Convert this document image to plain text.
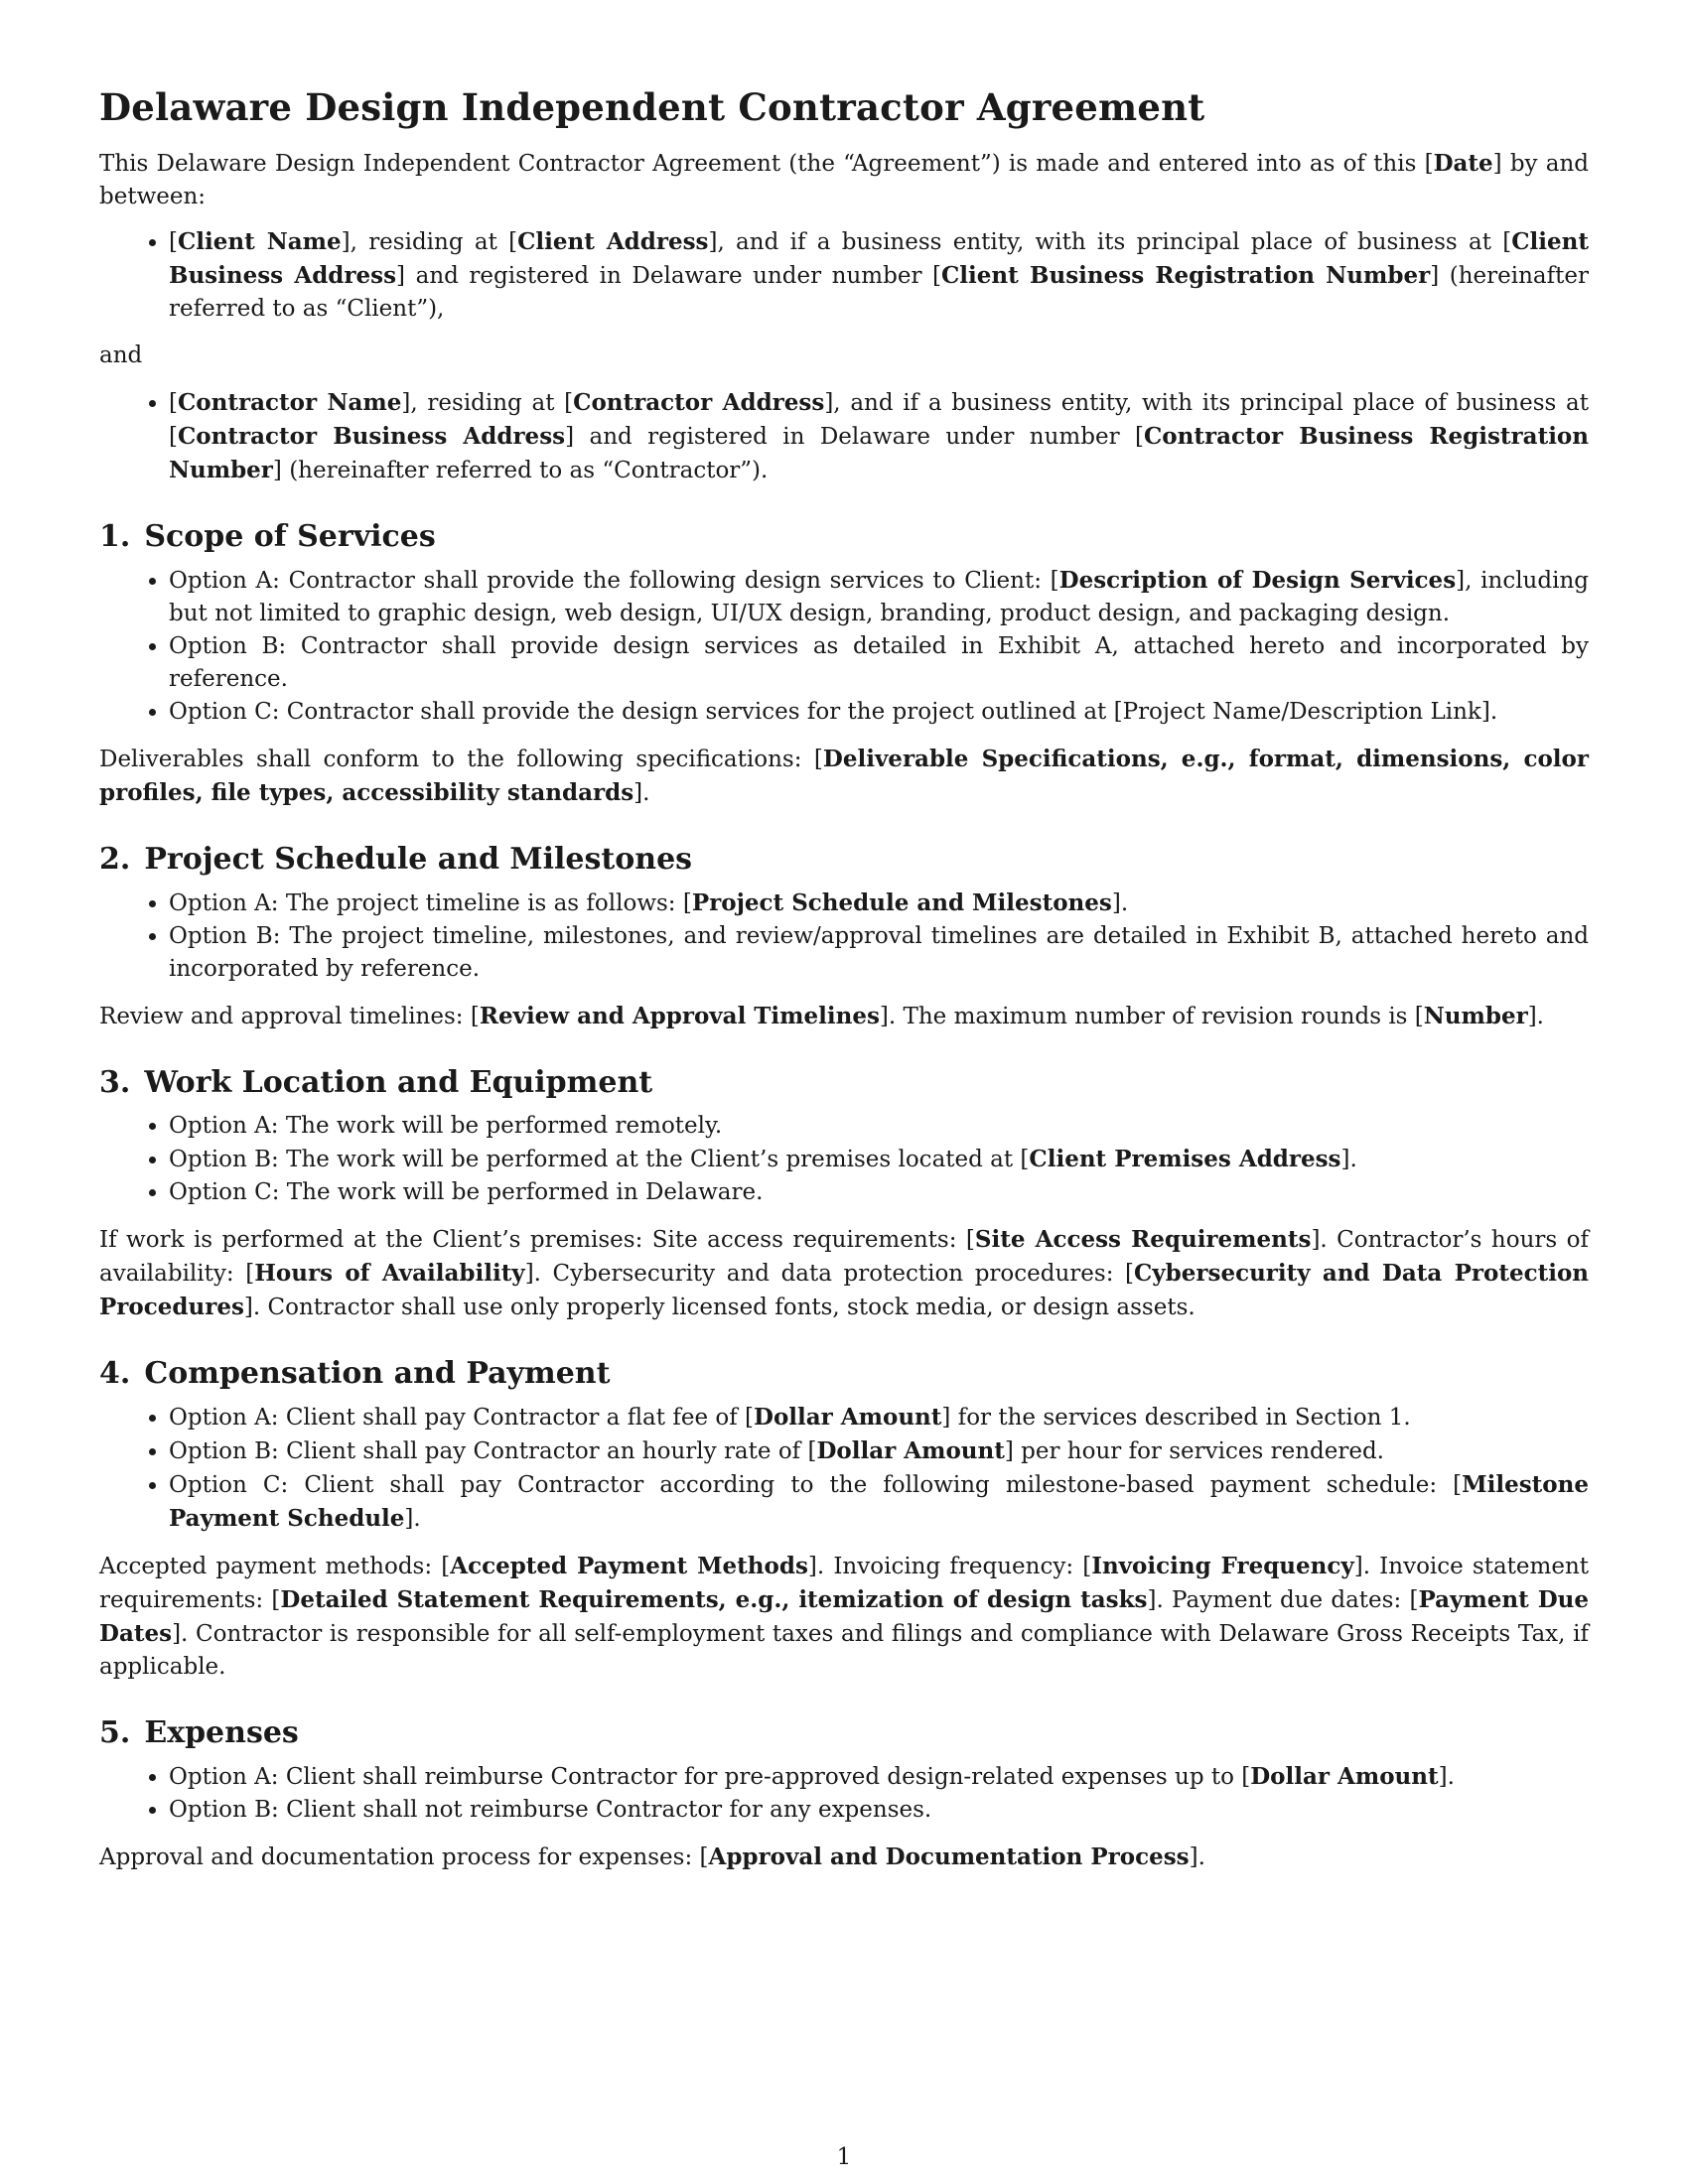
Delaware Design Independent Contractor Agreement

This Delaware Design Independent Contractor Agreement (the “Agreement”) is made and entered into as of this [Date] by and between:

• [Client Name], residing at [Client Address], and if a business entity, with its principal place of business at [Client Business Address] and registered in Delaware under number [Client Business Registration Number] (hereinafter referred to as “Client”),

and

• [Contractor Name], residing at [Contractor Address], and if a business entity, with its principal place of business at [Contractor Business Address] and registered in Delaware under number [Contractor Business Registration Number] (hereinafter referred to as “Contractor”).
1. Scope of Services
• Option A: Contractor shall provide the following design services to Client: [Description of Design Services], including but not limited to graphic design, web design, UI/UX design, branding, product design, and packaging design.
• Option B: Contractor shall provide design services as detailed in Exhibit A, attached hereto and incorporated by reference.
• Option C: Contractor shall provide the design services for the project outlined at [Project Name/Description Link].

Deliverables shall conform to the following specifications: [Deliverable Specifications, e.g., format, dimensions, color profiles, file types, accessibility standards].

2. Project Schedule and Milestones
• Option A: The project timeline is as follows: [Project Schedule and Milestones].
• Option B: The project timeline, milestones, and review/approval timelines are detailed in Exhibit B, attached hereto and incorporated by reference.

Review and approval timelines: [Review and Approval Timelines]. The maximum number of revision rounds is [Number].

3. Work Location and Equipment
• Option A: The work will be performed remotely.
• Option B: The work will be performed at the Client’s premises located at [Client Premises Address].
• Option C: The work will be performed in Delaware.

If work is performed at the Client’s premises: Site access requirements: [Site Access Requirements]. Contractor’s hours of availability: [Hours of Availability]. Cybersecurity and data protection procedures: [Cybersecurity and Data Protection Procedures]. Contractor shall use only properly licensed fonts, stock media, or design assets.

4. Compensation and Payment
• Option A: Client shall pay Contractor a flat fee of [Dollar Amount] for the services described in Section 1.
• Option B: Client shall pay Contractor an hourly rate of [Dollar Amount] per hour for services rendered.
• Option C: Client shall pay Contractor according to the following milestone-based payment schedule: [Milestone Payment Schedule].

Accepted payment methods: [Accepted Payment Methods]. Invoicing frequency: [Invoicing Frequency]. Invoice statement requirements: [Detailed Statement Requirements, e.g., itemization of design tasks]. Payment due dates: [Payment Due Dates]. Contractor is responsible for all self-employment taxes and filings and compliance with Delaware Gross Receipts Tax, if applicable.

5. Expenses
• Option A: Client shall reimburse Contractor for pre-approved design-related expenses up to [Dollar Amount].
• Option B: Client shall not reimburse Contractor for any expenses.

Approval and documentation process for expenses: [Approval and Documentation Process].

1
